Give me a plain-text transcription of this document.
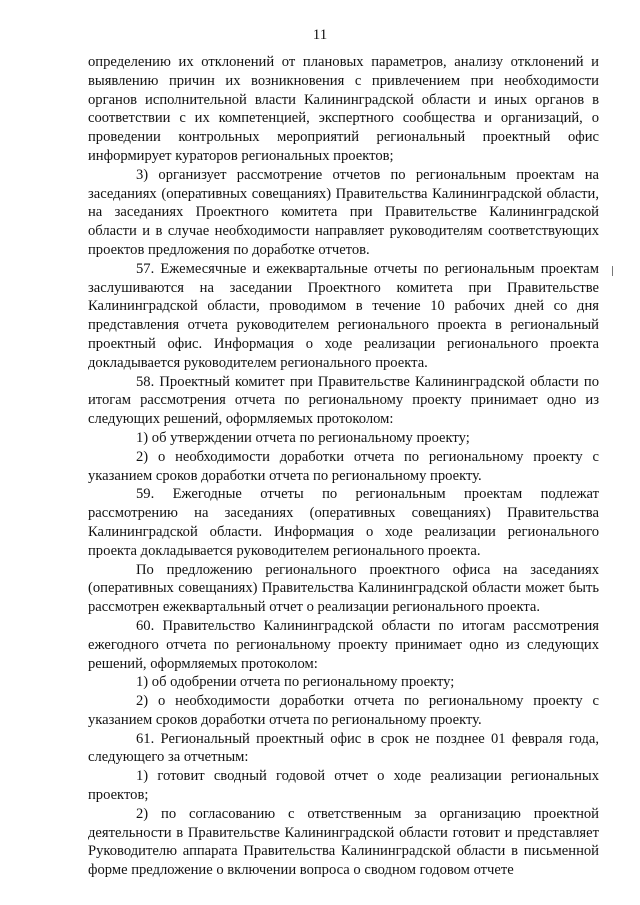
11

определению их отклонений от плановых параметров, анализу отклонений и выявлению причин их возникновения с привлечением при необходимости органов исполнительной власти Калининградской области и иных органов в соответствии с их компетенцией, экспертного сообщества и организаций, о проведении контрольных мероприятий региональный проектный офис информирует кураторов региональных проектов;

3) организует рассмотрение отчетов по региональным проектам на заседаниях (оперативных совещаниях) Правительства Калининградской области, на заседаниях Проектного комитета при Правительстве Калининградской области и в случае необходимости направляет руководителям соответствующих проектов предложения по доработке отчетов.

57. Ежемесячные и ежеквартальные отчеты по региональным проектам заслушиваются на заседании Проектного комитета при Правительстве Калининградской области, проводимом в течение 10 рабочих дней со дня представления отчета руководителем регионального проекта в региональный проектный офис. Информация о ходе реализации регионального проекта докладывается руководителем регионального проекта.

58. Проектный комитет при Правительстве Калининградской области по итогам рассмотрения отчета по региональному проекту принимает одно из следующих решений, оформляемых протоколом:

1) об утверждении отчета по региональному проекту;

2) о необходимости доработки отчета по региональному проекту с указанием сроков доработки отчета по региональному проекту.

59. Ежегодные отчеты по региональным проектам подлежат рассмотрению на заседаниях (оперативных совещаниях) Правительства Калининградской области. Информация о ходе реализации регионального проекта докладывается руководителем регионального проекта.

По предложению регионального проектного офиса на заседаниях (оперативных совещаниях) Правительства Калининградской области может быть рассмотрен ежеквартальный отчет о реализации регионального проекта.

60. Правительство Калининградской области по итогам рассмотрения ежегодного отчета по региональному проекту принимает одно из следующих решений, оформляемых протоколом:

1) об одобрении отчета по региональному проекту;

2) о необходимости доработки отчета по региональному проекту с указанием сроков доработки отчета по региональному проекту.

61. Региональный проектный офис в срок не позднее 01 февраля года, следующего за отчетным:

1) готовит сводный годовой отчет о ходе реализации региональных проектов;

2) по согласованию с ответственным за организацию проектной деятельности в Правительстве Калининградской области готовит и представляет Руководителю аппарата Правительства Калининградской области в письменной форме предложение о включении вопроса о сводном годовом отчете
